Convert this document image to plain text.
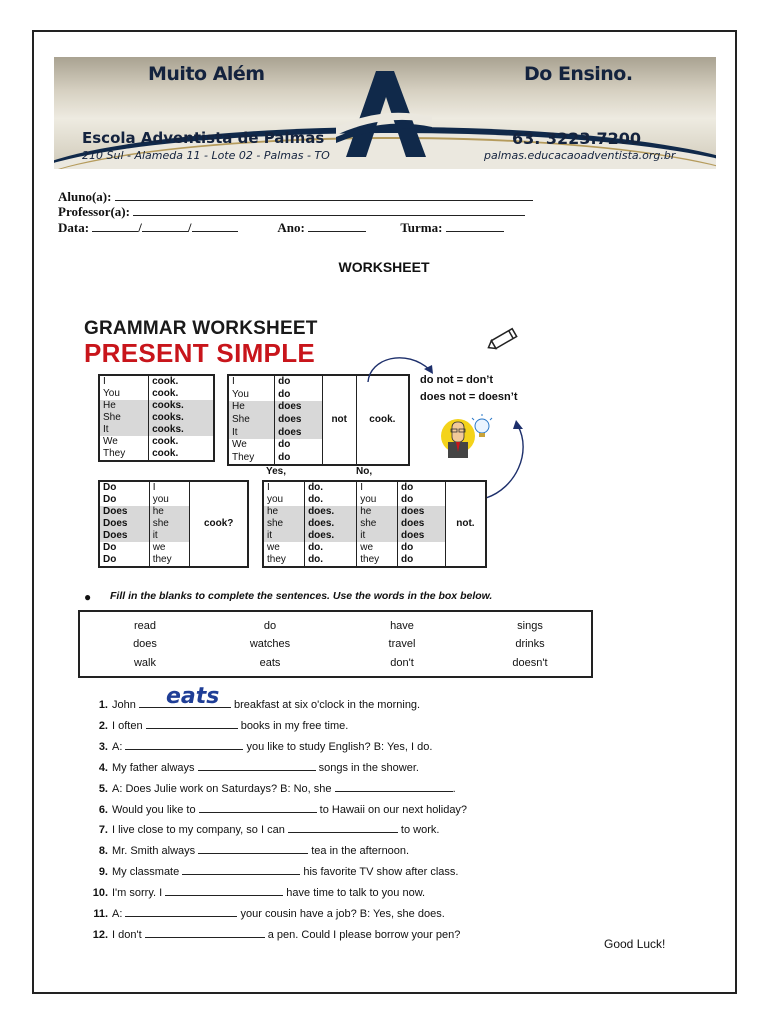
Muito Além	Do Ensino.
Escola Adventista de Palmas
210 Sul - Alameda 11 - Lote 02 - Palmas - TO
63. 3223.7200
palmas.educacaoadventista.org.br
Aluno(a):
Professor(a):
Data:	/	/	Ano:	Turma:
WORKSHEET
GRAMMAR WORKSHEET
PRESENT SIMPLE
I	cook.
You	cook.
He	cooks.
She	cooks.
It	cooks.
We	cook.
They	cook.
I	do	not	cook.
You	do		
He	does		
She	does		
It	does		
We	do		
They	do		
do not = don’t
does not = doesn’t
Do	I	cook?
Do	you	
Does	he	
Does	she	
Does	it	
Do	we	
Do	they	
Yes,	No,
I	do.	I	do	not.
you	do.	you	do	
he	does.	he	does	
she	does.	she	does	
it	does.	it	does	
we	do.	we	do	
they	do.	they	do	
● Fill in the blanks to complete the sentences. Use the words in the box below.
read	do	have	sings
does	watches	travel	drinks
walk	eats	don't	doesn't
1. John	breakfast at six o'clock in the morning.
2. I often	books in my free time.
3. A:	you like to study English? B: Yes, I do.
4. My father always	songs in the shower.
5. A: Does Julie work on Saturdays? B: No, she	.
6. Would you like to	to Hawaii on our next holiday?
7. I live close to my company, so I can	to work.
8. Mr. Smith always	tea in the afternoon.
9. My classmate	his favorite TV show after class.
10. I'm sorry. I	have time to talk to you now.
11. A:	your cousin have a job? B: Yes, she does.
12. I don't	a pen. Could I please borrow your pen?
eats
Good Luck!
